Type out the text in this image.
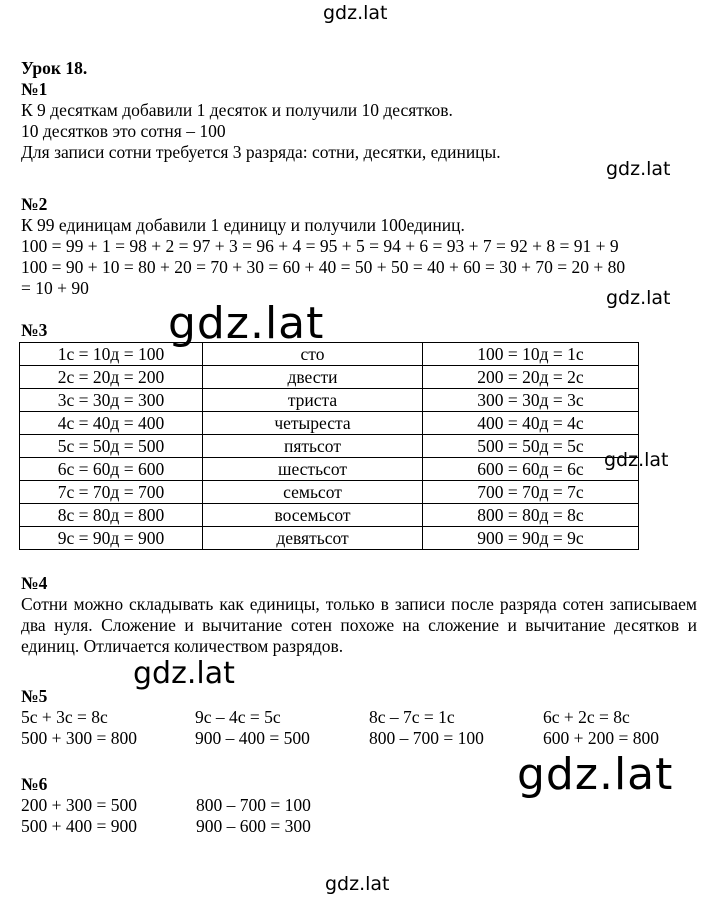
gdz.lat
gdz.lat
gdz.lat
gdz.lat
gdz.lat
gdz.lat
gdz.lat
gdz.lat
Урок 18.
№1
К 9 десяткам добавили 1 десяток и получили 10 десятков.
10 десятков это сотня – 100
Для записи сотни требуется 3 разряда: сотни, десятки, единицы.
№2
К 99 единицам добавили 1 единицу и получили 100единиц.
100 = 99 + 1 = 98 + 2 = 97 + 3 = 96 + 4 = 95 + 5 = 94 + 6 = 93 + 7 = 92 + 8 = 91 + 9
100 = 90 + 10 = 80 + 20 = 70 + 30 = 60 + 40 = 50 + 50 = 40 + 60 = 30 + 70 = 20 + 80
= 10 + 90
№3
1с = 10д = 100	сто	100 = 10д = 1с
2с = 20д = 200	двести	200 = 20д = 2с
3с = 30д = 300	триста	300 = 30д = 3с
4с = 40д = 400	четыреста	400 = 40д = 4с
5с = 50д = 500	пятьсот	500 = 50д = 5с
6с = 60д = 600	шестьсот	600 = 60д = 6с
7с = 70д = 700	семьсот	700 = 70д = 7с
8с = 80д = 800	восемьсот	800 = 80д = 8с
9с = 90д = 900	девятьсот	900 = 90д = 9с
№4
Сотни можно складывать как единицы, только в записи после разряда сотен записываем два нуля. Сложение и вычитание сотен похоже на сложение и вычитание десятков и единиц. Отличается количеством разрядов.
№5
5с + 3с = 8с	9с – 4с = 5с	8с – 7с = 1с	6с + 2с = 8с
500 + 300 = 800	900 – 400 = 500	800 – 700 = 100	600 + 200 = 800
№6
200 + 300 = 500	800 – 700 = 100
500 + 400 = 900	900 – 600 = 300
